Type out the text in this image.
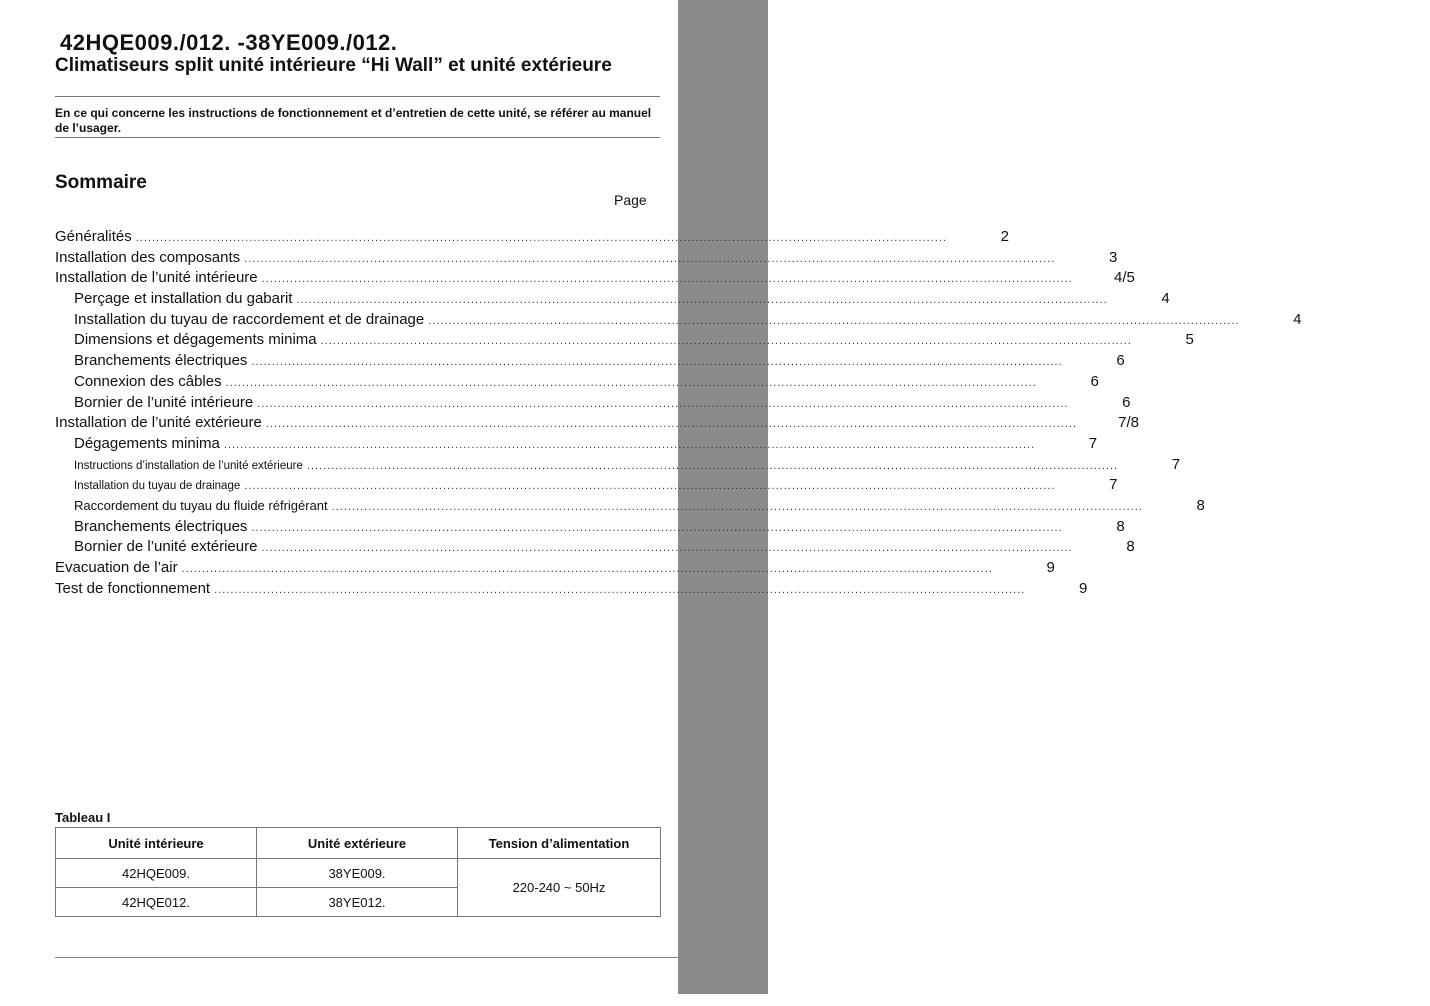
FRANÇAIS
F - 1
42HQE009./012. -38YE009./012.
Climatiseurs split unité intérieure “Hi Wall” et unité extérieure
En ce qui concerne les instructions de fonctionnement et d’entretien de cette unité, se référer au manuel de l’usager.
Sommaire
Page
Généralités .....	2
Installation des composants .....	3
Installation de l’unité intérieure .....	4/5
Perçage et installation du gabarit .....	4
Installation du tuyau de raccordement et de drainage .....	4
Dimensions et dégagements minima .....	5
Branchements électriques .....	6
Connexion des câbles .....	6
Bornier de l’unité intérieure .....	6
Installation de l’unité extérieure .....	7/8
Dégagements minima .....	7
Instructions d’installation de l’unité extérieure .....	7
Installation du tuyau de drainage .....	7
Raccordement du tuyau du fluide réfrigérant .....	8
Branchements électriques .....	8
Bornier de l’unité extérieure .....	8
Evacuation de l’air .....	9
Test de fonctionnement .....	9
Tableau I
Unité intérieure	Unité extérieure	Tension d’alimentation
42HQE009.	38YE009.	220-240 ~ 50Hz
42HQE012.	38YE012.	
